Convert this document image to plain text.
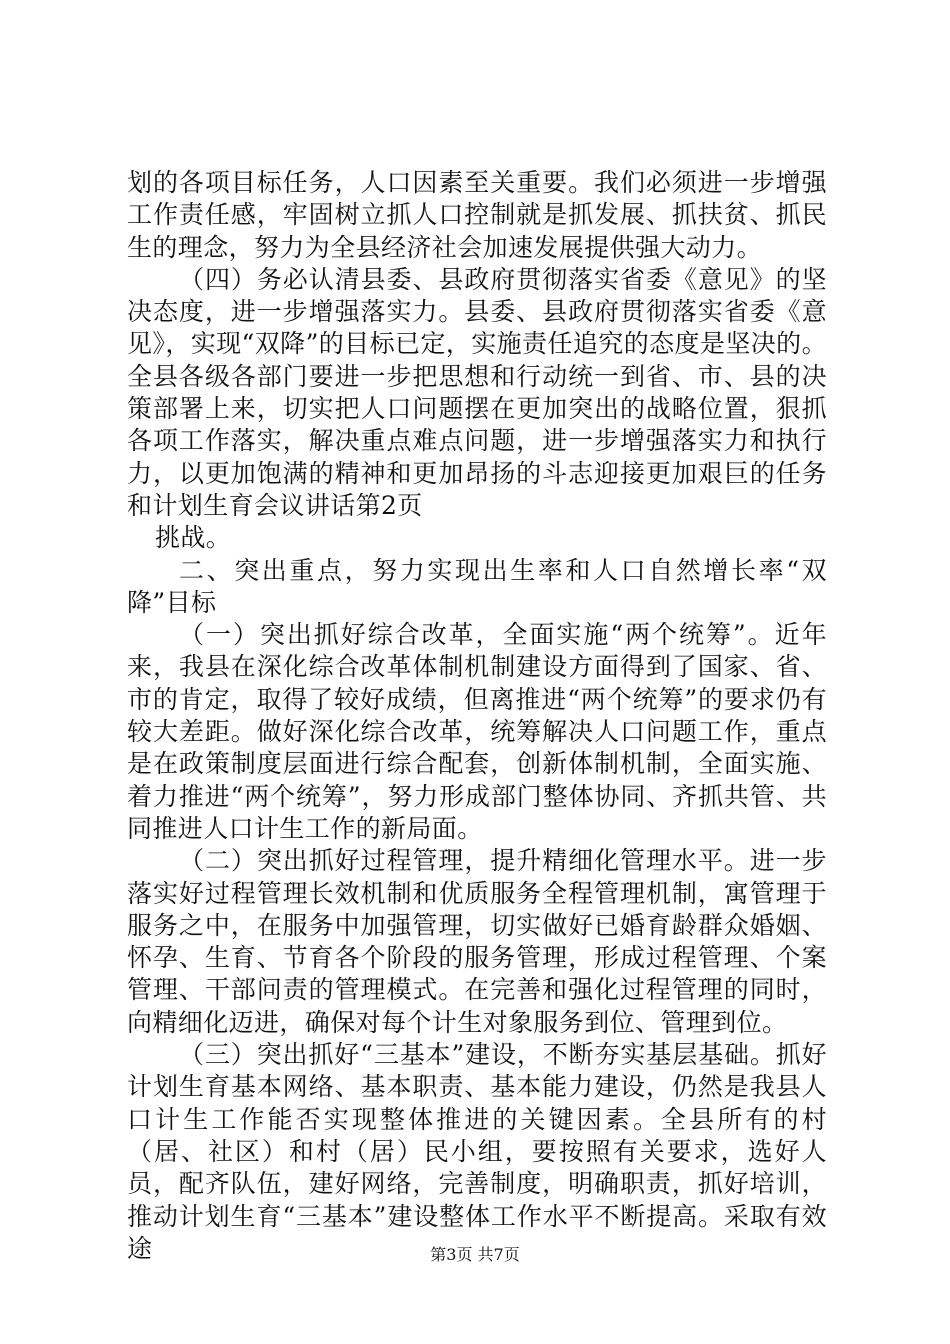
划的各项目标任务，人口因素至关重要。我们必须进一步增强工作责任感，牢固树立抓人口控制就是抓发展、抓扶贫、抓民生的理念，努力为全县经济社会加速发展提供强大动力。

（四）务必认清县委、县政府贯彻落实省委《意见》的坚决态度，进一步增强落实力。县委、县政府贯彻落实省委《意见》，实现“双降”的目标已定，实施责任追究的态度是坚决的。全县各级各部门要进一步把思想和行动统一到省、市、县的决策部署上来，切实把人口问题摆在更加突出的战略位置，狠抓各项工作落实，解决重点难点问题，进一步增强落实力和执行力，以更加饱满的精神和更加昂扬的斗志迎接更加艰巨的任务和计划生育会议讲话第2页

挑战。

二、突出重点，努力实现出生率和人口自然增长率“双降”目标

（一）突出抓好综合改革，全面实施“两个统筹”。近年来，我县在深化综合改革体制机制建设方面得到了国家、省、市的肯定，取得了较好成绩，但离推进“两个统筹”的要求仍有较大差距。做好深化综合改革，统筹解决人口问题工作，重点是在政策制度层面进行综合配套，创新体制机制，全面实施、着力推进“两个统筹”，努力形成部门整体协同、齐抓共管、共同推进人口计生工作的新局面。

（二）突出抓好过程管理，提升精细化管理水平。进一步落实好过程管理长效机制和优质服务全程管理机制，寓管理于服务之中，在服务中加强管理，切实做好已婚育龄群众婚姻、怀孕、生育、节育各个阶段的服务管理，形成过程管理、个案管理、干部问责的管理模式。在完善和强化过程管理的同时，向精细化迈进，确保对每个计生对象服务到位、管理到位。

（三）突出抓好“三基本”建设，不断夯实基层基础。抓好计划生育基本网络、基本职责、基本能力建设，仍然是我县人口计生工作能否实现整体推进的关键因素。全县所有的村（居、社区）和村（居）民小组，要按照有关要求，选好人员，配齐队伍，建好网络，完善制度，明确职责，抓好培训，推动计划生育“三基本”建设整体工作水平不断提高。采取有效途	第3页 共7页
